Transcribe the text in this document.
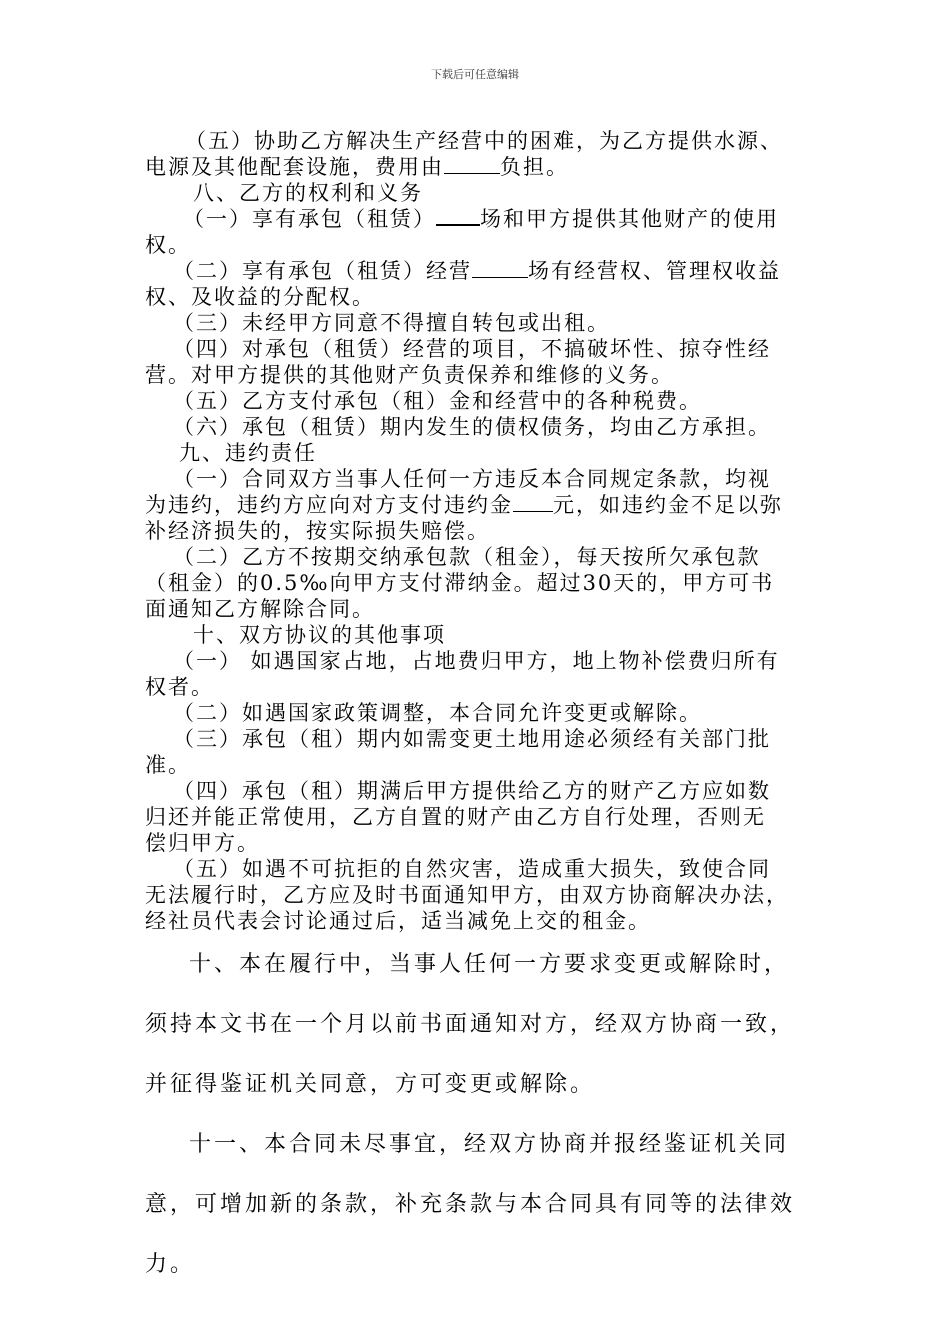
下载后可任意编辑
（五）协助乙方解决生产经营中的困难，为乙方提供水源、
电源及其他配套设施，费用由	负担。
八、乙方的权利和义务
（一）享有承包（租赁） 场和甲方提供其他财产的使用
权。
（二）享有承包（租赁）经营	场有经营权、管理权收益
权、及收益的分配权。
（三）未经甲方同意不得擅自转包或出租。
（四）对承包（租赁）经营的项目，不搞破坏性、掠夺性经
营。对甲方提供的其他财产负责保养和维修的义务。
（五）乙方支付承包（租）金和经营中的各种税费。
（六）承包（租赁）期内发生的债权债务，均由乙方承担。
九、违约责任
（一）合同双方当事人任何一方违反本合同规定条款，均视
为违约，违约方应向对方支付违约金 元，如违约金不足以弥
补经济损失的，按实际损失赔偿。
（二）乙方不按期交纳承包款（租金），每天按所欠承包款
（租金）的0.5‰向甲方支付滞纳金。超过30天的，甲方可书
面通知乙方解除合同。
十、双方协议的其他事项
（一） 如遇国家占地，占地费归甲方，地上物补偿费归所有
权者。
（二）如遇国家政策调整，本合同允许变更或解除。
（三）承包（租）期内如需变更土地用途必须经有关部门批
准。
（四）承包（租）期满后甲方提供给乙方的财产乙方应如数
归还并能正常使用，乙方自置的财产由乙方自行处理，否则无
偿归甲方。
（五）如遇不可抗拒的自然灾害，造成重大损失，致使合同
无法履行时，乙方应及时书面通知甲方，由双方协商解决办法，
经社员代表会讨论通过后，适当减免上交的租金。
十、本在履行中，当事人任何一方要求变更或解除时，
须持本文书在一个月以前书面通知对方，经双方协商一致，
并征得鉴证机关同意，方可变更或解除。
十一、本合同未尽事宜，经双方协商并报经鉴证机关同
意，可增加新的条款，补充条款与本合同具有同等的法律效
力。
